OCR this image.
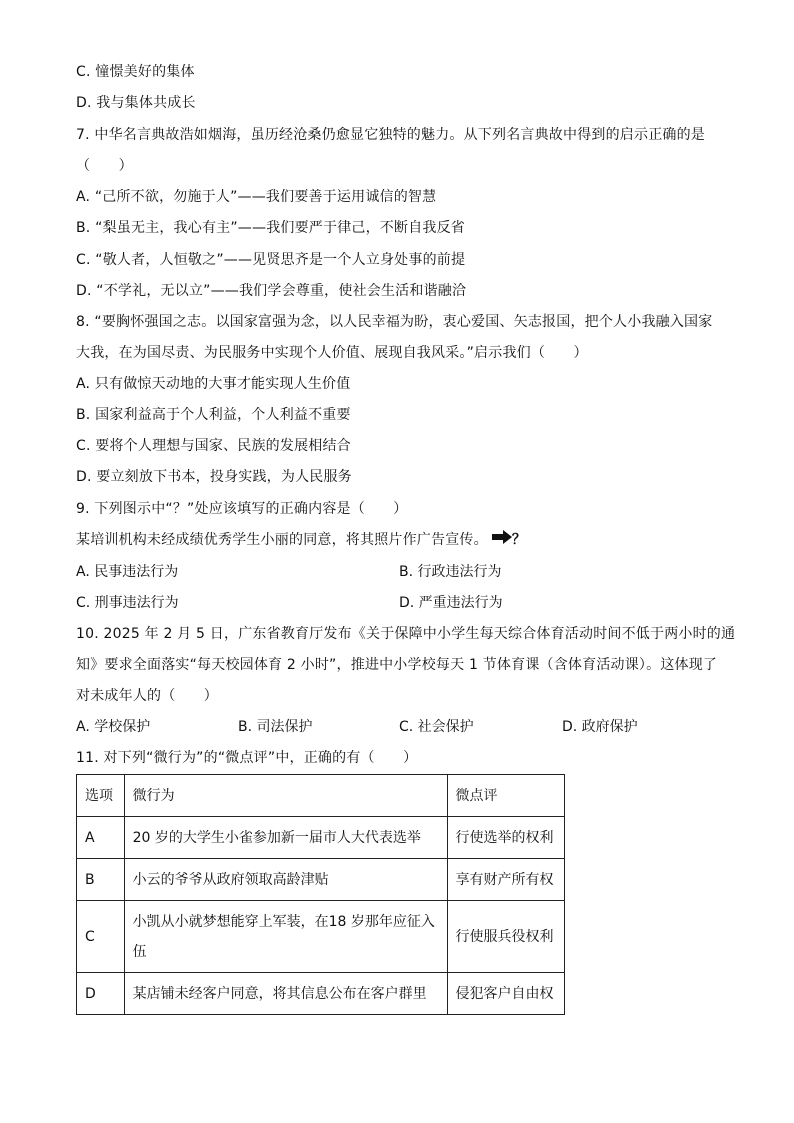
C. 憧憬美好的集体
D. 我与集体共成长
7. 中华名言典故浩如烟海，虽历经沧桑仍愈显它独特的魅力。从下列名言典故中得到的启示正确的是
（　　）
A. “己所不欲，勿施于人”——我们要善于运用诚信的智慧
B. “梨虽无主，我心有主”——我们要严于律己，不断自我反省
C. “敬人者，人恒敬之”——见贤思齐是一个人立身处事的前提
D. “不学礼，无以立”——我们学会尊重，使社会生活和谐融洽
8. “要胸怀强国之志。以国家富强为念，以人民幸福为盼，衷心爱国、矢志报国，把个人小我融入国家
大我，在为国尽责、为民服务中实现个人价值、展现自我风采。”启示我们（　　）
A. 只有做惊天动地的大事才能实现人生价值
B. 国家利益高于个人利益，个人利益不重要
C. 要将个人理想与国家、民族的发展相结合
D. 要立刻放下书本，投身实践，为人民服务
9. 下列图示中“？”处应该填写的正确内容是（　　）
某培训机构未经成绩优秀学生小丽的同意，将其照片作广告宣传。 ？
A. 民事违法行为	B. 行政违法行为
C. 刑事违法行为	D. 严重违法行为
10. 2025 年 2 月 5 日，广东省教育厅发布《关于保障中小学生每天综合体育活动时间不低于两小时的通
知》要求全面落实“每天校园体育 2 小时”，推进中小学校每天 1 节体育课（含体育活动课）。这体现了
对未成年人的（　　）
A. 学校保护	B. 司法保护	C. 社会保护	D. 政府保护
11. 对下列“微行为”的“微点评”中，正确的有（　　）
选项	微行为	微点评
A	20 岁的大学生小雀参加新一届市人大代表选举	行使选举的权利
B	小云的爷爷从政府领取高龄津贴	享有财产所有权
C	小凯从小就梦想能穿上军装，在18 岁那年应征入伍	行使服兵役权利
D	某店铺未经客户同意，将其信息公布在客户群里	侵犯客户自由权
